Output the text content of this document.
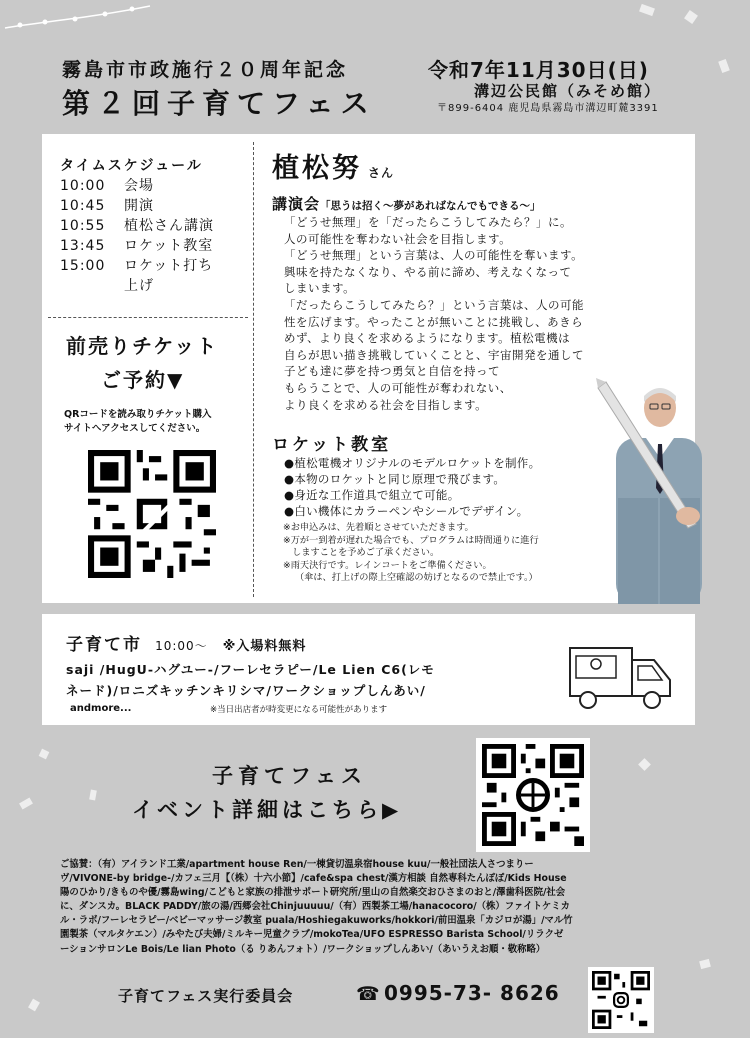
霧島市市政施行２０周年記念
第２回子育てフェス
令和7年11月30日(日)
溝辺公民館（みそめ館）
〒899-6404 鹿児島県霧島市溝辺町麓3391
タイムスケジュール
10:00	会場
10:45	開演
10:55	植松さん講演
13:45	ロケット教室
15:00	ロケット打ち
上げ
前売りチケット
ご予約▼
QRコードを読み取りチケット購入
サイトへアクセスしてください。
植松努 さん
講演会「思うは招く～夢があればなんでもできる～」
「どうせ無理」を「だったらこうしてみたら？」に。
人の可能性を奪わない社会を目指します。
「どうせ無理」という言葉は、人の可能性を奪います。
興味を持たなくなり、やる前に諦め、考えなくなって
しまいます。
「だったらこうしてみたら？」という言葉は、人の可能
性を広げます。やったことが無いことに挑戦し、あきら
めず、より良くを求めるようになります。植松電機は
自らが思い描き挑戦していくことと、宇宙開発を通して
子ども達に夢を持つ勇気と自信を持って
もらうことで、人の可能性が奪われない、
より良くを求める社会を目指します。
ロケット教室
●植松電機オリジナルのモデルロケットを制作。
●本物のロケットと同じ原理で飛びます。
●身近な工作道具で組立て可能。
●白い機体にカラーペンやシールでデザイン。
※お申込みは、先着順とさせていただきます。
※万が一到着が遅れた場合でも、プログラムは時間通りに進行
　しますことを予めご了承ください。
※雨天決行です。レインコートをご準備ください。
（傘は、打上げの際上空確認の妨げとなるので禁止です。）
子育て市 10:00～ ※入場料無料
saji /HugU-ハグユー-/フーレセラピー/Le Lien C6(レモ
ネード)/ロニズキッチンキリシマ/ワークショップしんあい/
andmore...	※当日出店者が時変更になる可能性があります
子育てフェス
イベント詳細はこちら▶
ご協賛：（有）アイランド工業/apartment house Ren/一棟貸切温泉宿house kuu/一般社団法人さつまりー
ヴ/VIVONE-by bridge-/カフェ三月【（株）十六小節】/cafe&spa chest/漢方相談 自然専科たんぽぽ/Kids House
陽のひかり/きものや優/霧島wing/こどもと家族の排泄サポート研究所/里山の自然楽交おひさまのおと/澤歯科医院/社会
に、ダンスカ。BLACK PADDY/旅の湯/西郷会社Chinjuuuuu/（有）西製茶工場/hanacocoro/（株）ファイトケミカ
ル・ラボ/フーレセラピー/ベビーマッサージ教室 puala/Hoshiegakuworks/hokkori/前田温泉「カジロが湯」/マル竹
園製茶（マルタケエン）/みやたび夫婦/ミルキー児童クラブ/mokoTea/UFO ESPRESSO Barista School/リラクゼ
ーションサロンLe Bois/Le lian Photo（る りあんフォト）/ワークショップしんあい/（あいうえお順・敬称略）
子育てフェス実行委員会	☎ 0995-73- 8626
